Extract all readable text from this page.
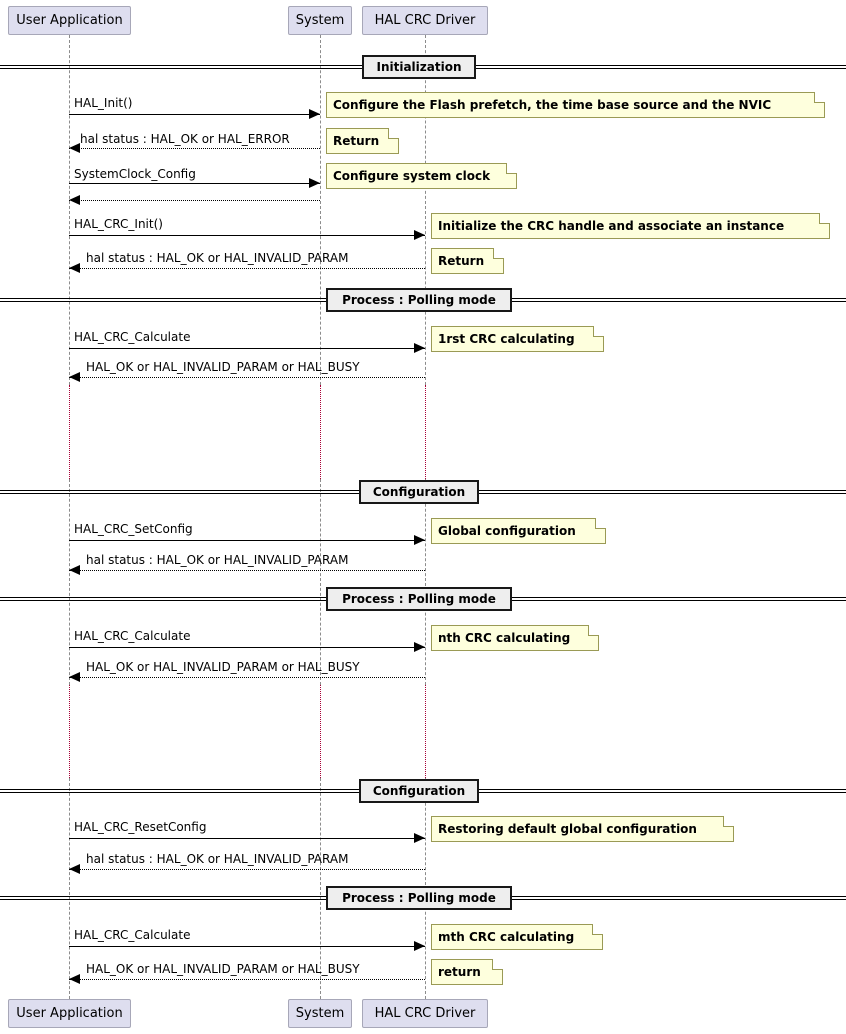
Initialization
Process : Polling mode
Configuration
Process : Polling mode
Configuration
Process : Polling mode
User Application	System	HAL CRC Driver
User Application	System	HAL CRC Driver
HAL_Init()
hal status : HAL_OK or HAL_ERROR
SystemClock_Config
HAL_CRC_Init()
hal status : HAL_OK or HAL_INVALID_PARAM
HAL_CRC_Calculate
HAL_OK or HAL_INVALID_PARAM or HAL_BUSY
HAL_CRC_SetConfig
hal status : HAL_OK or HAL_INVALID_PARAM
HAL_CRC_Calculate
HAL_OK or HAL_INVALID_PARAM or HAL_BUSY
HAL_CRC_ResetConfig
hal status : HAL_OK or HAL_INVALID_PARAM
HAL_CRC_Calculate
HAL_OK or HAL_INVALID_PARAM or HAL_BUSY
Configure the Flash prefetch, the time base source and the NVIC
Return
Configure system clock
Initialize the CRC handle and associate an instance
Return
1rst CRC calculating
Global configuration
nth CRC calculating
Restoring default global configuration
mth CRC calculating
return
